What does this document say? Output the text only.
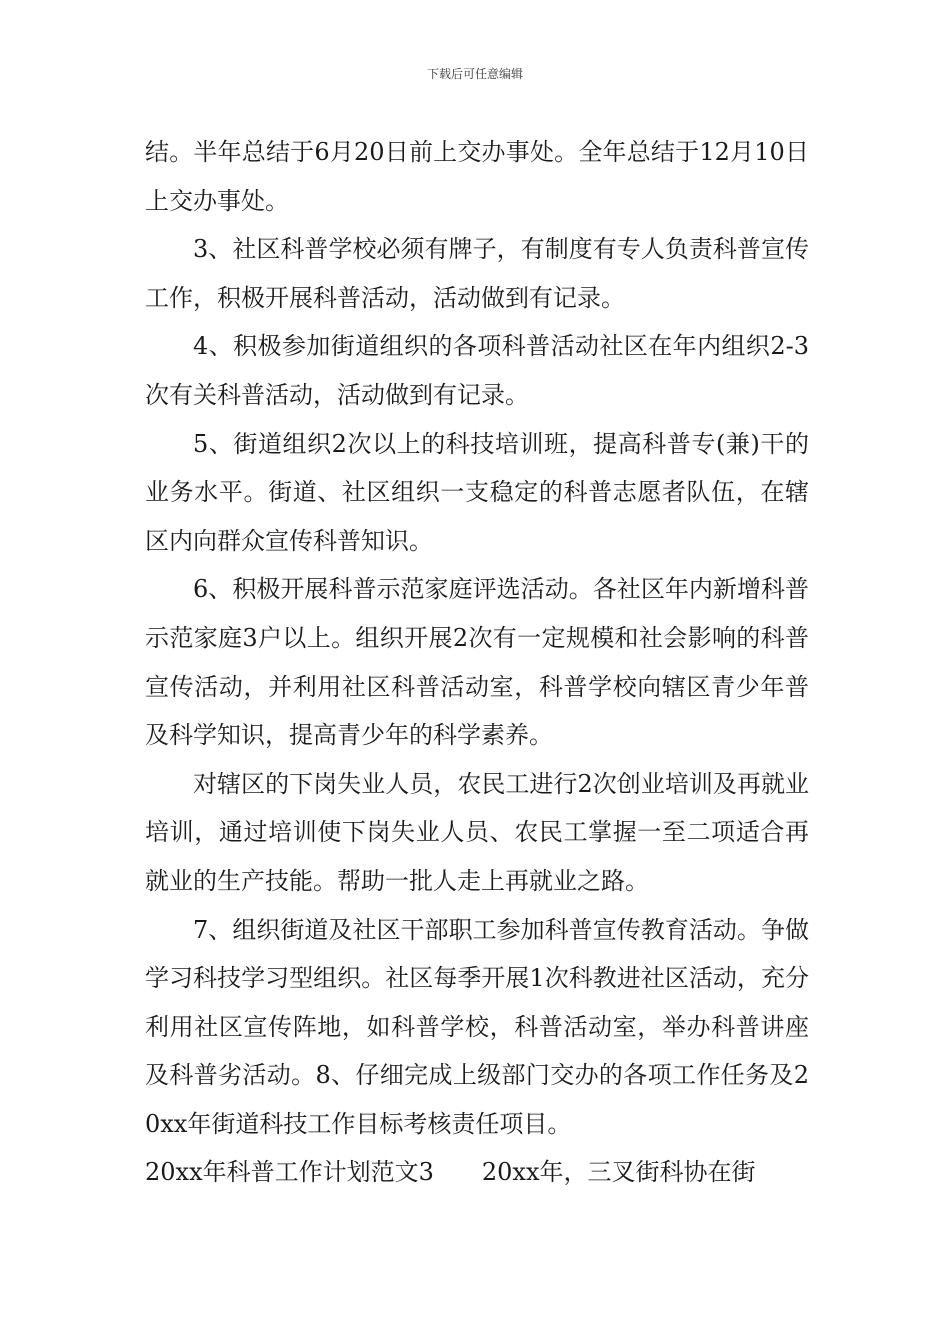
下载后可任意编辑

结。半年总结于6月20日前上交办事处。全年总结于12月10日上交办事处。

3、社区科普学校必须有牌子，有制度有专人负责科普宣传工作，积极开展科普活动，活动做到有记录。

4、积极参加街道组织的各项科普活动社区在年内组织2-3次有关科普活动，活动做到有记录。

5、街道组织2次以上的科技培训班，提高科普专(兼)干的业务水平。街道、社区组织一支稳定的科普志愿者队伍，在辖区内向群众宣传科普知识。

6、积极开展科普示范家庭评选活动。各社区年内新增科普示范家庭3户以上。组织开展2次有一定规模和社会影响的科普宣传活动，并利用社区科普活动室，科普学校向辖区青少年普及科学知识，提高青少年的科学素养。

对辖区的下岗失业人员，农民工进行2次创业培训及再就业培训，通过培训使下岗失业人员、农民工掌握一至二项适合再就业的生产技能。帮助一批人走上再就业之路。

7、组织街道及社区干部职工参加科普宣传教育活动。争做学习科技学习型组织。社区每季开展1次科教进社区活动，充分利用社区宣传阵地，如科普学校，科普活动室，举办科普讲座及科普劣活动。8、仔细完成上级部门交办的各项工作任务及20xx年街道科技工作目标考核责任项目。

20xx年科普工作计划范文3　　20xx年，三叉街科协在街
